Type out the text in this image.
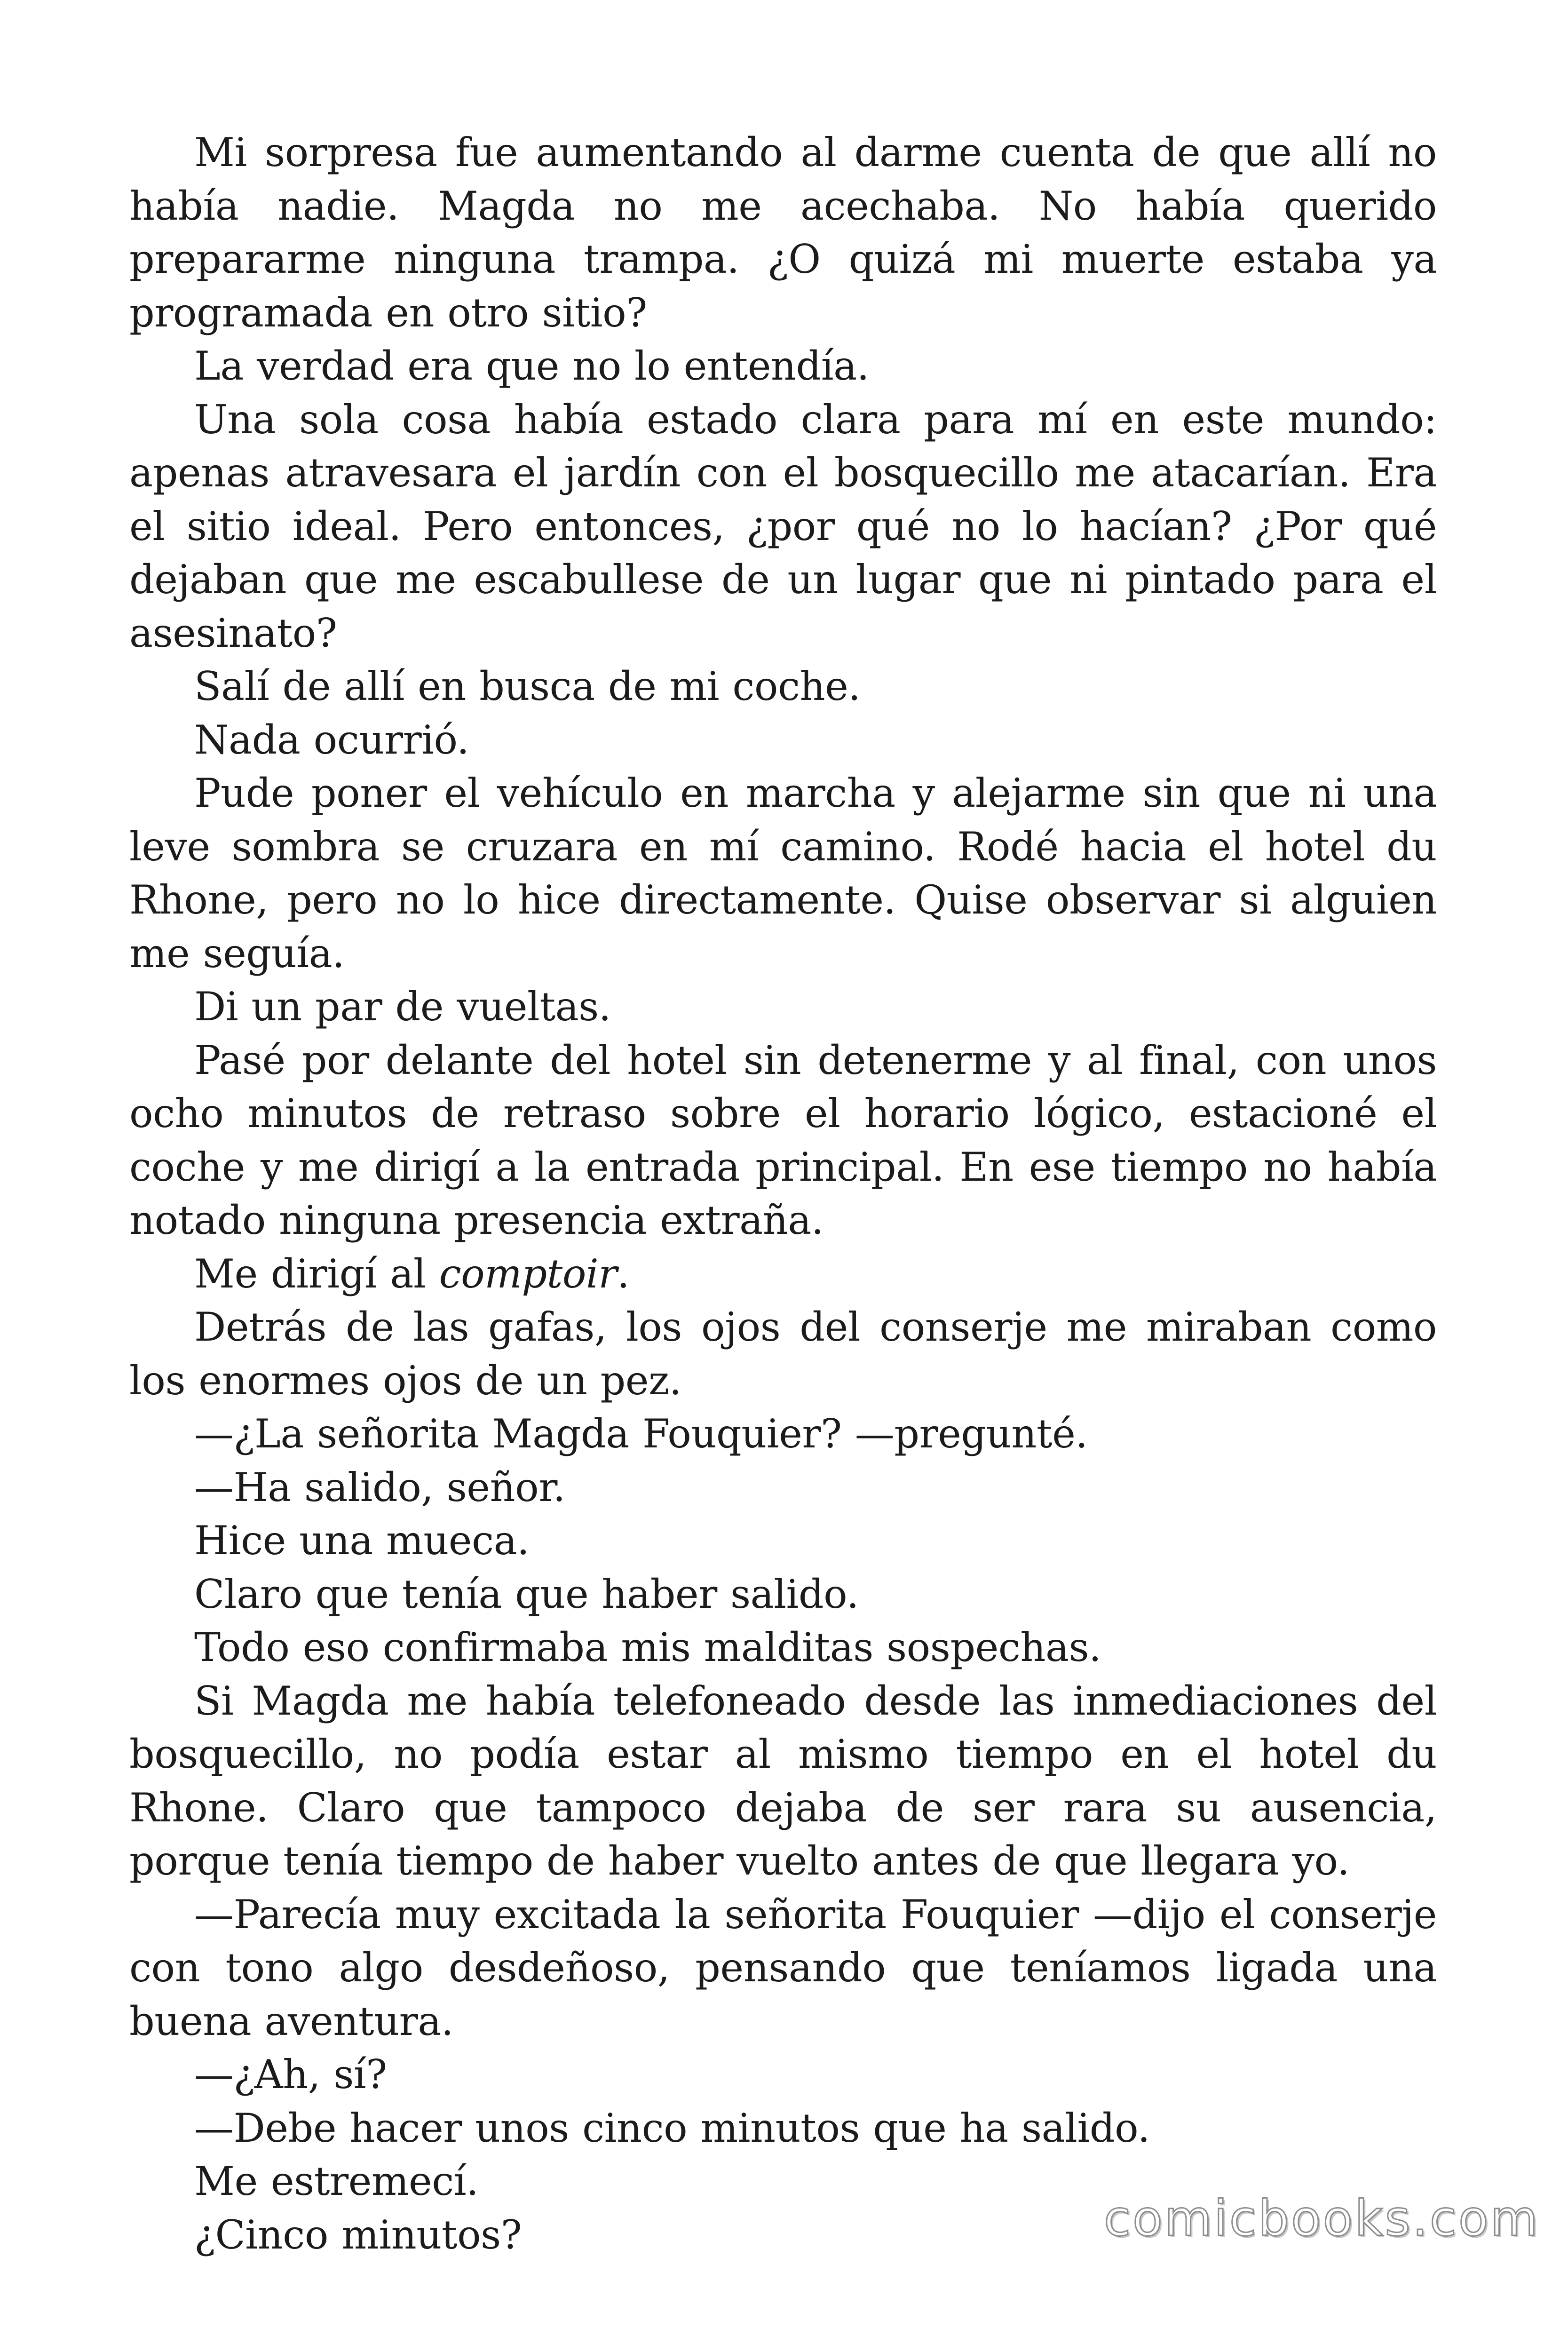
Mi sorpresa fue aumentando al darme cuenta de que allí no había nadie. Magda no me acechaba. No había querido prepararme ninguna trampa. ¿O quizá mi muerte estaba ya programada en otro sitio?

La verdad era que no lo entendía.

Una sola cosa había estado clara para mí en este mundo: apenas atravesara el jardín con el bosquecillo me atacarían. Era el sitio ideal. Pero entonces, ¿por qué no lo hacían? ¿Por qué dejaban que me escabullese de un lugar que ni pintado para el asesinato?

Salí de allí en busca de mi coche.

Nada ocurrió.

Pude poner el vehículo en marcha y alejarme sin que ni una leve sombra se cruzara en mí camino. Rodé hacia el hotel du Rhone, pero no lo hice directamente. Quise observar si alguien me seguía.

Di un par de vueltas.

Pasé por delante del hotel sin detenerme y al final, con unos ocho minutos de retraso sobre el horario lógico, estacioné el coche y me dirigí a la entrada principal. En ese tiempo no había notado ninguna presencia extraña.

Me dirigí al comptoir.

Detrás de las gafas, los ojos del conserje me miraban como los enormes ojos de un pez.

—¿La señorita Magda Fouquier? —pregunté.

—Ha salido, señor.

Hice una mueca.

Claro que tenía que haber salido.

Todo eso confirmaba mis malditas sospechas.

Si Magda me había telefoneado desde las inmediaciones del bosquecillo, no podía estar al mismo tiempo en el hotel du Rhone. Claro que tampoco dejaba de ser rara su ausencia, porque tenía tiempo de haber vuelto antes de que llegara yo.

—Parecía muy excitada la señorita Fouquier —dijo el conserje con tono algo desdeñoso, pensando que teníamos ligada una buena aventura.

—¿Ah, sí?

—Debe hacer unos cinco minutos que ha salido.

Me estremecí.

¿Cinco minutos?	comicbooks.com
